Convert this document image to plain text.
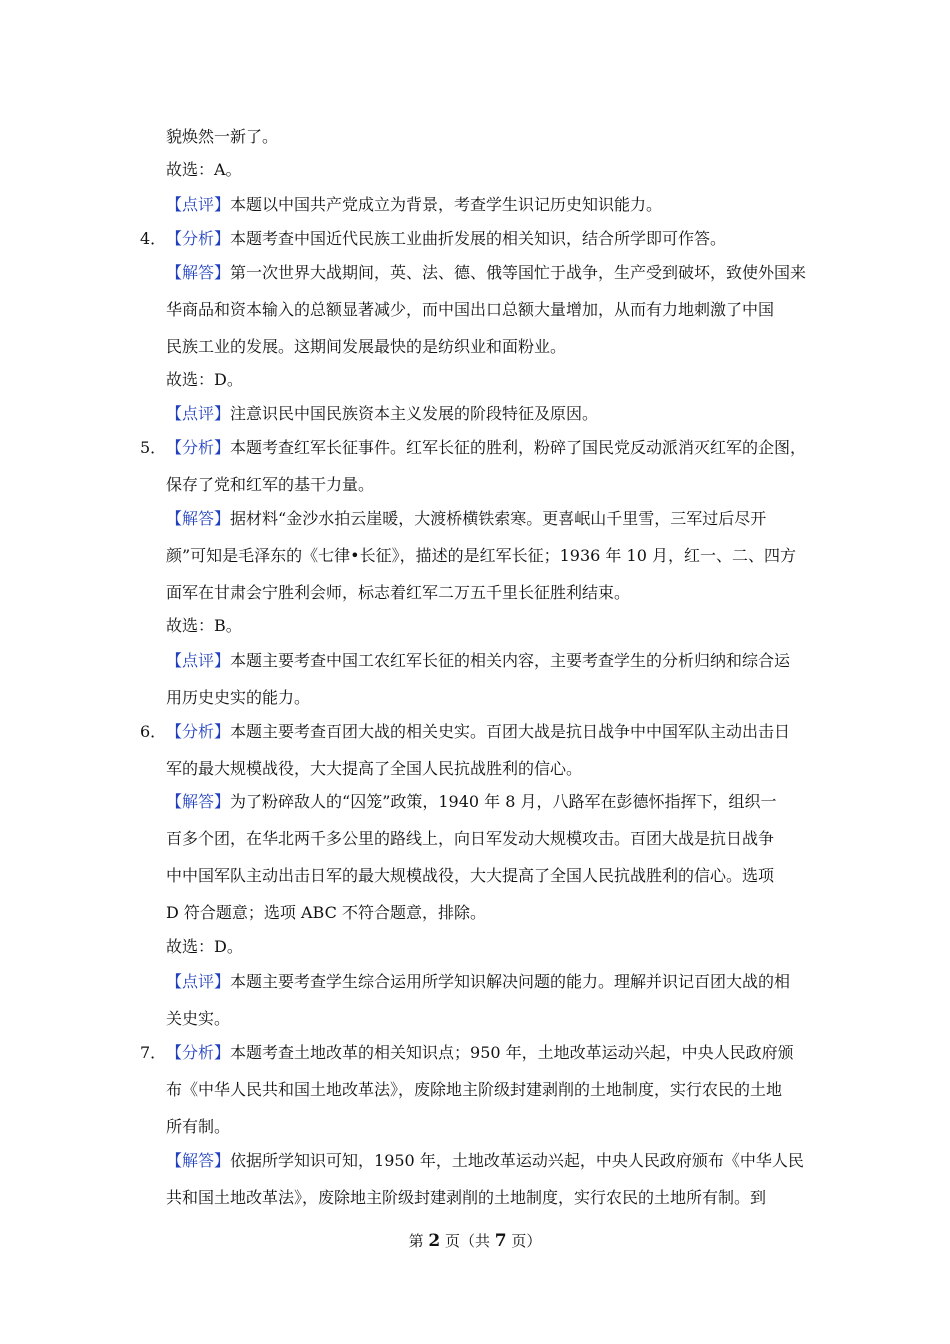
貌焕然一新了。
故选：A。
【点评】本题以中国共产党成立为背景，考查学生识记历史知识能力。
4． 【分析】本题考查中国近代民族工业曲折发展的相关知识，结合所学即可作答。
【解答】第一次世界大战期间，英、法、德、俄等国忙于战争，生产受到破坏，致使外国来
华商品和资本输入的总额显著减少，而中国出口总额大量增加，从而有力地刺激了中国
民族工业的发展。这期间发展最快的是纺织业和面粉业。
故选：D。
【点评】注意识民中国民族资本主义发展的阶段特征及原因。
5． 【分析】本题考查红军长征事件。红军长征的胜利，粉碎了国民党反动派消灭红军的企图，
保存了党和红军的基干力量。
【解答】据材料“金沙水拍云崖暖，大渡桥横铁索寒。更喜岷山千里雪，三军过后尽开
颜”可知是毛泽东的《七律•长征》，描述的是红军长征；1936 年 10 月，红一、二、四方
面军在甘肃会宁胜利会师，标志着红军二万五千里长征胜利结束。
故选：B。
【点评】本题主要考查中国工农红军长征的相关内容，主要考查学生的分析归纳和综合运
用历史史实的能力。
6． 【分析】本题主要考查百团大战的相关史实。百团大战是抗日战争中中国军队主动出击日
军的最大规模战役，大大提高了全国人民抗战胜利的信心。
【解答】为了粉碎敌人的“囚笼”政策，1940 年 8 月，八路军在彭德怀指挥下，组织一
百多个团，在华北两千多公里的路线上，向日军发动大规模攻击。百团大战是抗日战争
中中国军队主动出击日军的最大规模战役，大大提高了全国人民抗战胜利的信心。选项
D 符合题意；选项 ABC 不符合题意，排除。
故选：D。
【点评】本题主要考查学生综合运用所学知识解决问题的能力。理解并识记百团大战的相
关史实。
7． 【分析】本题考查土地改革的相关知识点；950 年，土地改革运动兴起，中央人民政府颁
布《中华人民共和国土地改革法》，废除地主阶级封建剥削的土地制度，实行农民的土地
所有制。
【解答】依据所学知识可知，1950 年，土地改革运动兴起，中央人民政府颁布《中华人民
共和国土地改革法》，废除地主阶级封建剥削的土地制度，实行农民的土地所有制。到
第 2 页（共 7 页）
